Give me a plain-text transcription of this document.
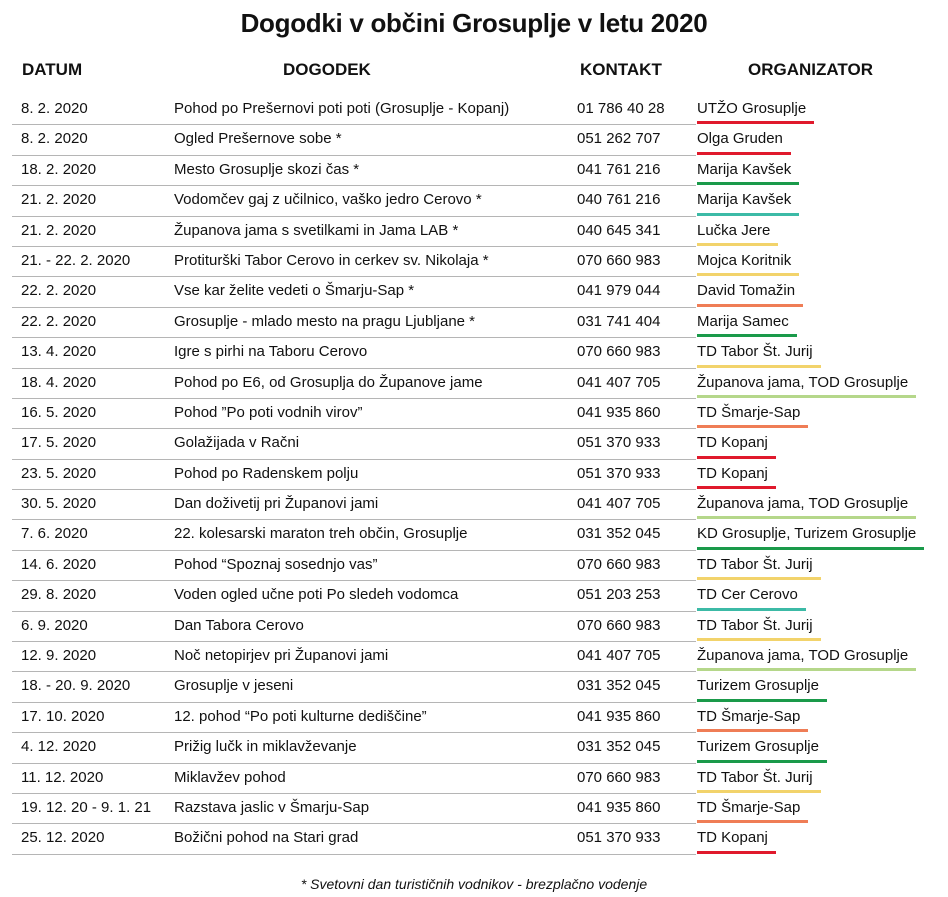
Dogodki v občini Grosuplje v letu 2020
DATUM	DOGODEK	KONTAKT	ORGANIZATOR
8. 2. 2020	Pohod po Prešernovi poti poti (Grosuplje - Kopanj)	01 786 40 28 UTŽO Grosuplje
8. 2. 2020	Ogled Prešernove sobe *	051 262 707 Olga Gruden
18. 2. 2020	Mesto Grosuplje skozi čas *	041 761 216 Marija Kavšek
21. 2. 2020	Vodomčev gaj z učilnico, vaško jedro Cerovo *	040 761 216 Marija Kavšek
21. 2. 2020	Županova jama s svetilkami in Jama LAB *	040 645 341 Lučka Jere
21. - 22. 2. 2020	Protiturški Tabor Cerovo in cerkev sv. Nikolaja *	070 660 983 Mojca Koritnik
22. 2. 2020	Vse kar želite vedeti o Šmarju-Sap *	041 979 044 David Tomažin
22. 2. 2020	Grosuplje - mlado mesto na pragu Ljubljane *	031 741 404 Marija Samec
13. 4. 2020	Igre s pirhi na Taboru Cerovo	070 660 983 TD Tabor Št. Jurij
18. 4. 2020	Pohod po E6, od Grosuplja do Županove jame	041 407 705 Županova jama, TOD Grosuplje
16. 5. 2020	Pohod ”Po poti vodnih virov”	041 935 860 TD Šmarje-Sap
17. 5. 2020	Golažijada v Račni	051 370 933 TD Kopanj
23. 5. 2020	Pohod po Radenskem polju	051 370 933 TD Kopanj
30. 5. 2020	Dan doživetij pri Županovi jami	041 407 705 Županova jama, TOD Grosuplje
7. 6. 2020	22. kolesarski maraton treh občin, Grosuplje	031 352 045 KD Grosuplje, Turizem Grosuplje
14. 6. 2020	Pohod “Spoznaj sosednjo vas”	070 660 983 TD Tabor Št. Jurij
29. 8. 2020	Voden ogled učne poti Po sledeh vodomca	051 203 253 TD Cer Cerovo
6. 9. 2020	Dan Tabora Cerovo	070 660 983 TD Tabor Št. Jurij
12. 9. 2020	Noč netopirjev pri Županovi jami	041 407 705 Županova jama, TOD Grosuplje
18. - 20. 9. 2020	Grosuplje v jeseni	031 352 045 Turizem Grosuplje
17. 10. 2020	12. pohod “Po poti kulturne dediščine”	041 935 860 TD Šmarje-Sap
4. 12. 2020	Prižig lučk in miklavževanje	031 352 045 Turizem Grosuplje
11. 12. 2020	Miklavžev pohod	070 660 983 TD Tabor Št. Jurij
19. 12. 20 - 9. 1. 21 Razstava jaslic v Šmarju-Sap	041 935 860 TD Šmarje-Sap
25. 12. 2020	Božični pohod na Stari grad	051 370 933 TD Kopanj
* Svetovni dan turističnih vodnikov - brezplačno vodenje
